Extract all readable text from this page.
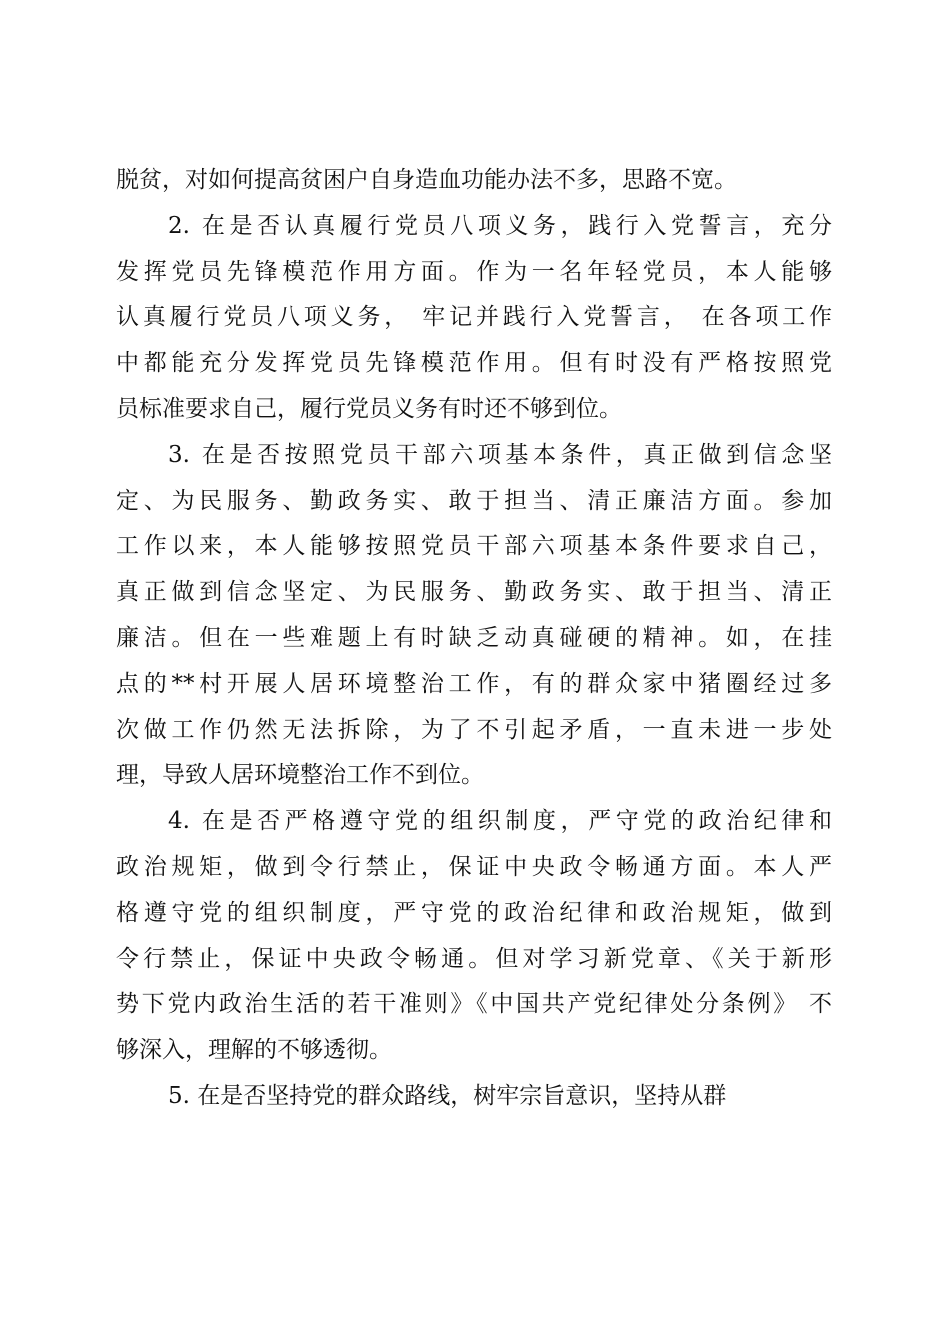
脱贫，对如何提高贫困户自身造血功能办法不多，思路不宽。
2. 在是否认真履行党员八项义务，践行入党誓言，充分
发挥党员先锋模范作用方面。作为一名年轻党员，本人能够
认真履行党员八项义务， 牢记并践行入党誓言， 在各项工作
中都能充分发挥党员先锋模范作用。但有时没有严格按照党
员标准要求自己，履行党员义务有时还不够到位。
3. 在是否按照党员干部六项基本条件，真正做到信念坚
定、为民服务、勤政务实、敢于担当、清正廉洁方面。参加
工作以来，本人能够按照党员干部六项基本条件要求自己，
真正做到信念坚定、为民服务、勤政务实、敢于担当、清正
廉洁。但在一些难题上有时缺乏动真碰硬的精神。如，在挂
点的**村开展人居环境整治工作，有的群众家中猪圈经过多
次做工作仍然无法拆除，为了不引起矛盾，一直未进一步处
理，导致人居环境整治工作不到位。
4. 在是否严格遵守党的组织制度，严守党的政治纪律和
政治规矩，做到令行禁止，保证中央政令畅通方面。本人严
格遵守党的组织制度，严守党的政治纪律和政治规矩，做到
令行禁止，保证中央政令畅通。但对学习新党章、《关于新形
势下党内政治生活的若干准则》《中国共产党纪律处分条例》 不
够深入，理解的不够透彻。
5. 在是否坚持党的群众路线，树牢宗旨意识，坚持从群
